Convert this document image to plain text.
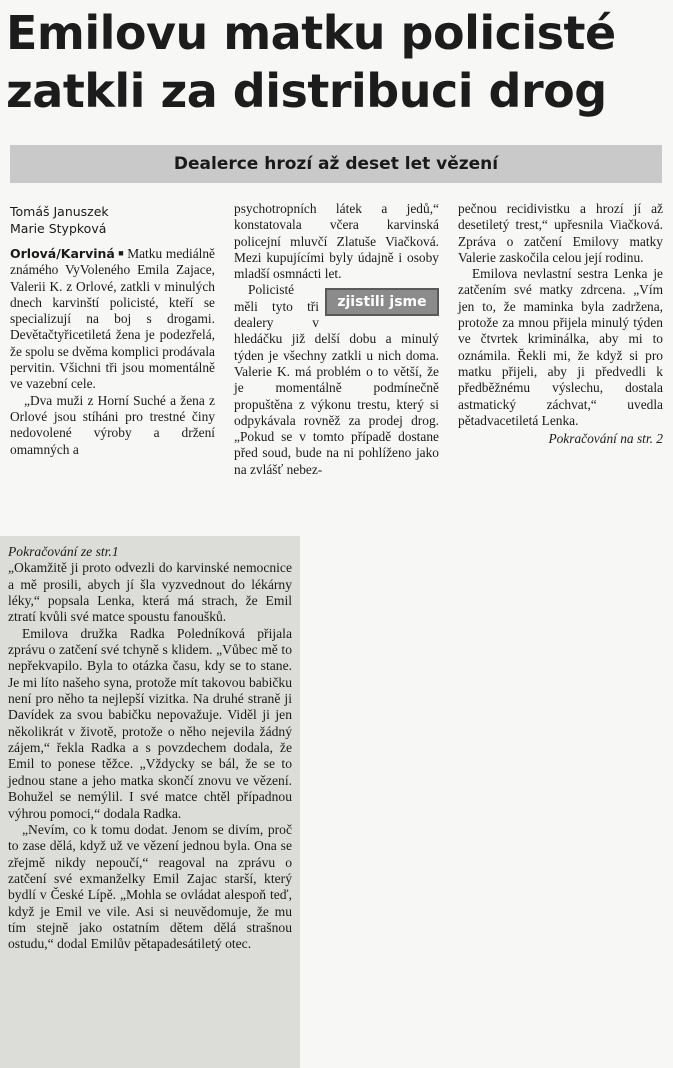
Emilovu matku policisté
zatkli za distribuci drog
Dealerce hrozí až deset let vězení
Tomáš Januszek
Marie Stypková

Orlová/Karviná ■ Matku mediálně známého VyVoleného Emila Zajace, Valerii K. z Orlové, zatkli v minulých dnech karvinští policisté, kteří se specializují na boj s drogami. Devětačtyřicetiletá žena je podezřelá, že spolu se dvěma komplici prodávala pervitin. Všichni tři jsou momentálně ve vazební cele.

„Dva muži z Horní Suché a žena z Orlové jsou stíháni pro trestné činy nedovolené výroby a držení omamných a

psychotropních látek a jedů,“ konstatovala včera karvinská policejní mluvčí Zlatuše Viačková. Mezi kupujícími byly údajně i osoby mladší osmnácti let.

zjistili jsme

Policisté měli tyto tři dealery v hledáčku již delší dobu a minulý týden je všechny zatkli u nich doma. Valerie K. má problém o to větší, že je momentálně podmínečně propuštěna z výkonu trestu, který si odpykávala rovněž za prodej drog. „Pokud se v tomto případě dostane před soud, bude na ni pohlíženo jako na zvlášť nebez-

pečnou recidivistku a hrozí jí až desetiletý trest,“ upřesnila Viačková. Zpráva o zatčení Emilovy matky Valerie zaskočila celou její rodinu.

Emilova nevlastní sestra Lenka je zatčením své matky zdrcena. „Vím jen to, že maminka byla zadržena, protože za mnou přijela minulý týden ve čtvrtek kriminálka, aby mi to oznámila. Řekli mi, že když si pro matku přijeli, aby ji předvedli k předběžnému výslechu, dostala astmatický záchvat,“ uvedla pětadvacetiletá Lenka.

Pokračování na str. 2

Pokračování ze str.1

„Okamžitě ji proto odvezli do karvinské nemocnice a mě prosili, abych jí šla vyzvednout do lékárny léky,“ popsala Lenka, která má strach, že Emil ztratí kvůli své matce spoustu fanoušků.

Emilova družka Radka Poledníková přijala zprávu o zatčení své tchyně s klidem. „Vůbec mě to nepřekvapilo. Byla to otázka času, kdy se to stane. Je mi líto našeho syna, protože mít takovou babičku není pro něho ta nejlepší vizitka. Na druhé straně ji Davídek za svou babičku nepovažuje. Viděl ji jen několikrát v životě, protože o něho nejevila žádný zájem,“ řekla Radka a s povzdechem dodala, že Emil to ponese těžce. „Vždycky se bál, že se to jednou stane a jeho matka skončí znovu ve vězení. Bohužel se nemýlil. I své matce chtěl případnou výhrou pomoci,“ dodala Radka.

„Nevím, co k tomu dodat. Jenom se divím, proč to zase dělá, když už ve vězení jednou byla. Ona se zřejmě nikdy nepoučí,“ reagoval na zprávu o zatčení své exmanželky Emil Zajac starší, který bydlí v České Lípě. „Mohla se ovládat alespoň teď, když je Emil ve vile. Asi si neuvědomuje, že mu tím stejně jako ostatním dětem dělá strašnou ostudu,“ dodal Emilův pětapadesátiletý otec.
